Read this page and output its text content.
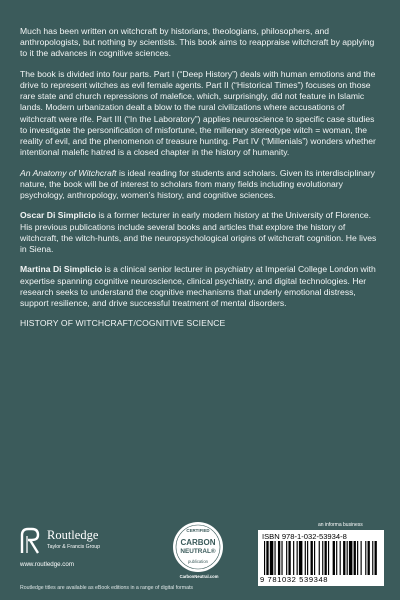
Much has been written on witchcraft by historians, theologians, philosophers, and anthropologists, but nothing by scientists. This book aims to reappraise witchcraft by applying to it the advances in cognitive sciences.

The book is divided into four parts. Part I (“Deep History”) deals with human emotions and the drive to represent witches as evil female agents. Part II (“Historical Times”) focuses on those rare state and church repressions of malefice, which, surprisingly, did not feature in Islamic lands. Modern urbanization dealt a blow to the rural civilizations where accusations of witchcraft were rife. Part III (“In the Laboratory”) applies neuroscience to specific case studies to investigate the personification of misfortune, the millenary stereotype witch = woman, the reality of evil, and the phenomenon of treasure hunting. Part IV (“Millenials”) wonders whether intentional malefic hatred is a closed chapter in the history of humanity.

An Anatomy of Witchcraft is ideal reading for students and scholars. Given its interdisciplinary nature, the book will be of interest to scholars from many fields including evolutionary psychology, anthropology, women’s history, and cognitive sciences.

Oscar Di Simplicio is a former lecturer in early modern history at the University of Florence. His previous publications include several books and articles that explore the history of witchcraft, the witch-hunts, and the neuropsychological origins of witchcraft cognition. He lives in Siena.

Martina Di Simplicio is a clinical senior lecturer in psychiatry at Imperial College London with expertise spanning cognitive neuroscience, clinical psychiatry, and digital technologies. Her research seeks to understand the cognitive mechanisms that underly emotional distress, support resilience, and drive successful treatment of mental disorders.

HISTORY OF WITCHCRAFT/COGNITIVE SCIENCE

Routledge
Taylor & Francis Group
www.routledge.com
Routledge titles are available as eBook editions in a range of digital formats
CERTIFIED
CARBON
NEUTRAL®
publication
CarbonNeutral.com
an informa business
ISBN 978-1-032-53934-8
9 781032 539348
